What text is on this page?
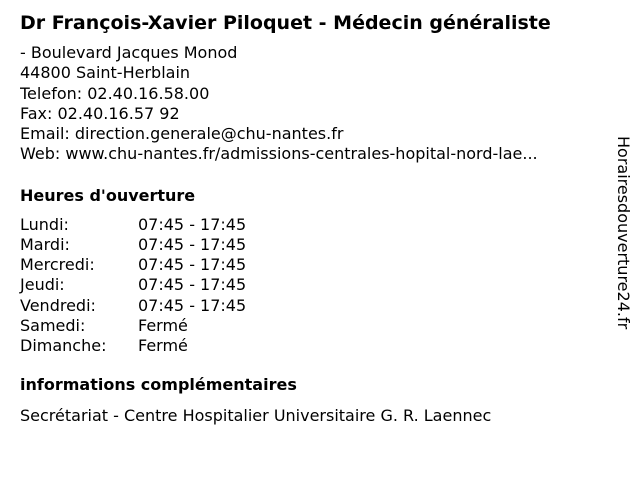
Dr François-Xavier Piloquet - Médecin généraliste
- Boulevard Jacques Monod
44800 Saint-Herblain
Telefon: 02.40.16.58.00
Fax: 02.40.16.57 92
Email: direction.generale@chu-nantes.fr
Web: www.chu-nantes.fr/admissions-centrales-hopital-nord-lae...
Heures d'ouverture
Lundi:	07:45 - 17:45
Mardi:	07:45 - 17:45
Mercredi:	07:45 - 17:45
Jeudi:	07:45 - 17:45
Vendredi:	07:45 - 17:45
Samedi:	Fermé
Dimanche:	Fermé
informations complémentaires
Secrétariat - Centre Hospitalier Universitaire G. R. Laennec
Horairesdouverture24.fr
